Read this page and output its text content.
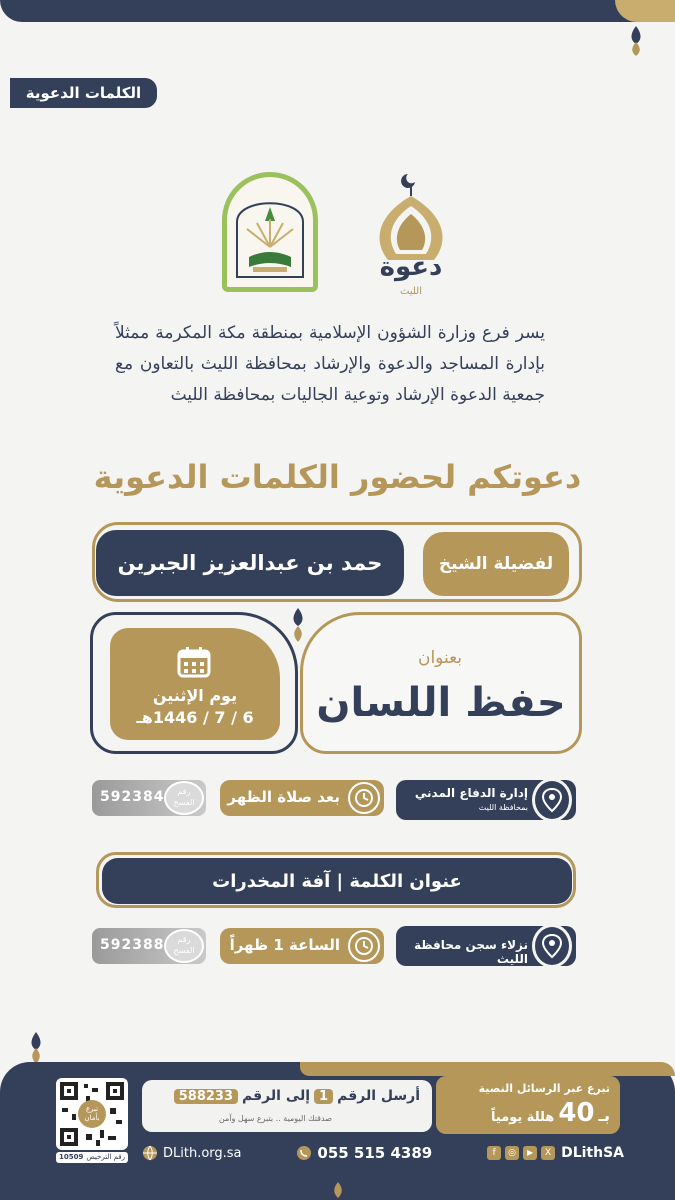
الكلمات الدعوية
دعوة
الليث
يسر فرع وزارة الشؤون الإسلامية بمنطقة مكة المكرمة ممثلاً بإدارة المساجد والدعوة والإرشاد بمحافظة الليث بالتعاون مع جمعية الدعوة الإرشاد وتوعية الجاليات بمحافظة الليث
دعوتكم لحضور الكلمات الدعوية
لفضيلة الشيخ
حمد بن عبدالعزيز الجبرين
بعنوان
حفظ اللسان
يوم الإثنين
6 / 7 / 1446هـ
إدارة الدفاع المدني
بمحافظة الليث
بعد صلاة الظهر
رقم الفسح
592384
عنوان الكلمة | آفة المخدرات
نزلاء سجن محافظة الليث
الساعة 1 ظهراً
رقم الفسح
592388
تبرع بأمان
رقم الترخيص
10509
أرسل الرقم
1
إلى الرقم
588233
صدقتك اليومية .. بتبرع سهل وآمن
تبرع عبر الرسائل النصية
بـ
40
هللة يومياً
DLith.org.sa	055 515 4389	f	◎	▶	X DLithSA
